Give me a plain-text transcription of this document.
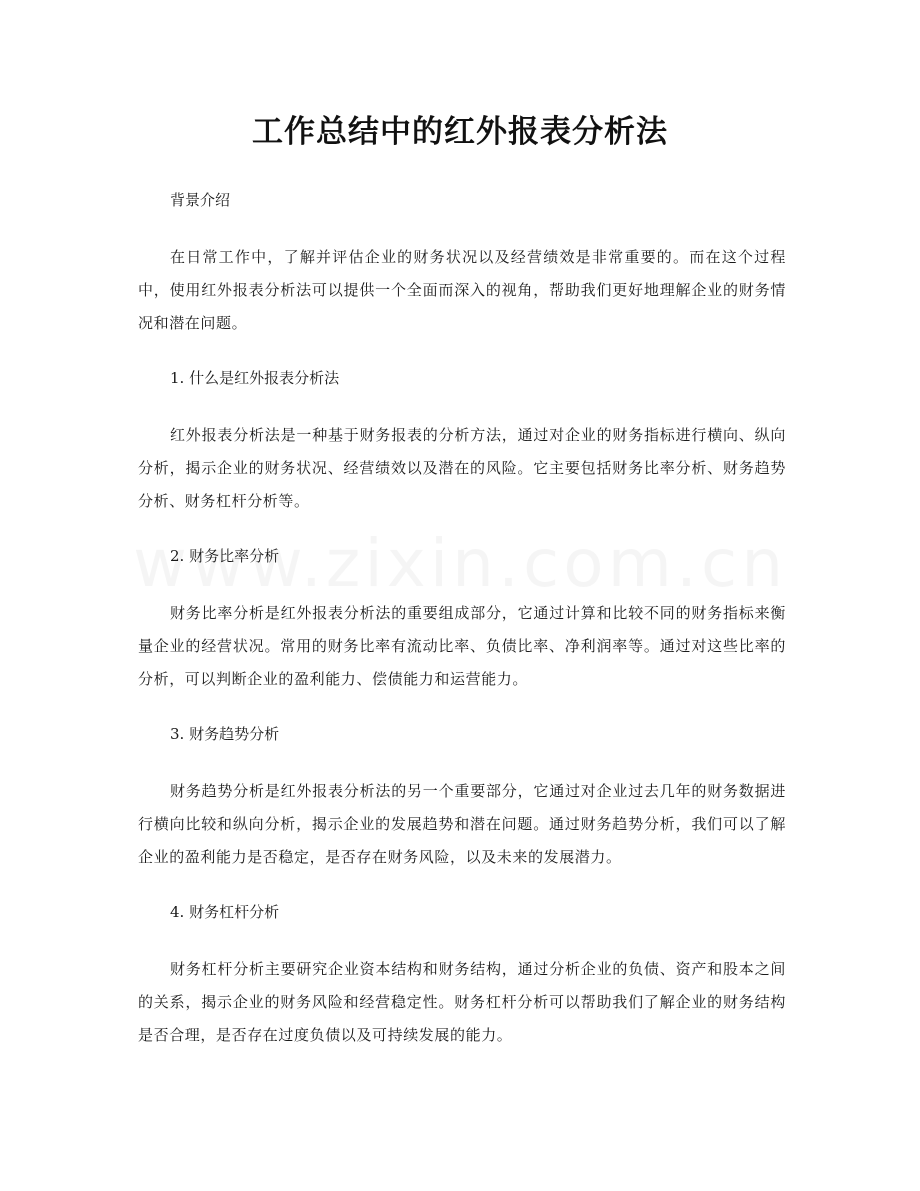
工作总结中的红外报表分析法

背景介绍

在日常工作中，了解并评估企业的财务状况以及经营绩效是非常重要的。而在这个过程中，使用红外报表分析法可以提供一个全面而深入的视角，帮助我们更好地理解企业的财务情况和潜在问题。

1. 什么是红外报表分析法

红外报表分析法是一种基于财务报表的分析方法，通过对企业的财务指标进行横向、纵向分析，揭示企业的财务状况、经营绩效以及潜在的风险。它主要包括财务比率分析、财务趋势分析、财务杠杆分析等。

2. 财务比率分析

财务比率分析是红外报表分析法的重要组成部分，它通过计算和比较不同的财务指标来衡量企业的经营状况。常用的财务比率有流动比率、负债比率、净利润率等。通过对这些比率的分析，可以判断企业的盈利能力、偿债能力和运营能力。

3. 财务趋势分析

财务趋势分析是红外报表分析法的另一个重要部分，它通过对企业过去几年的财务数据进行横向比较和纵向分析，揭示企业的发展趋势和潜在问题。通过财务趋势分析，我们可以了解企业的盈利能力是否稳定，是否存在财务风险，以及未来的发展潜力。

4. 财务杠杆分析

财务杠杆分析主要研究企业资本结构和财务结构，通过分析企业的负债、资产和股本之间的关系，揭示企业的财务风险和经营稳定性。财务杠杆分析可以帮助我们了解企业的财务结构是否合理，是否存在过度负债以及可持续发展的能力。
